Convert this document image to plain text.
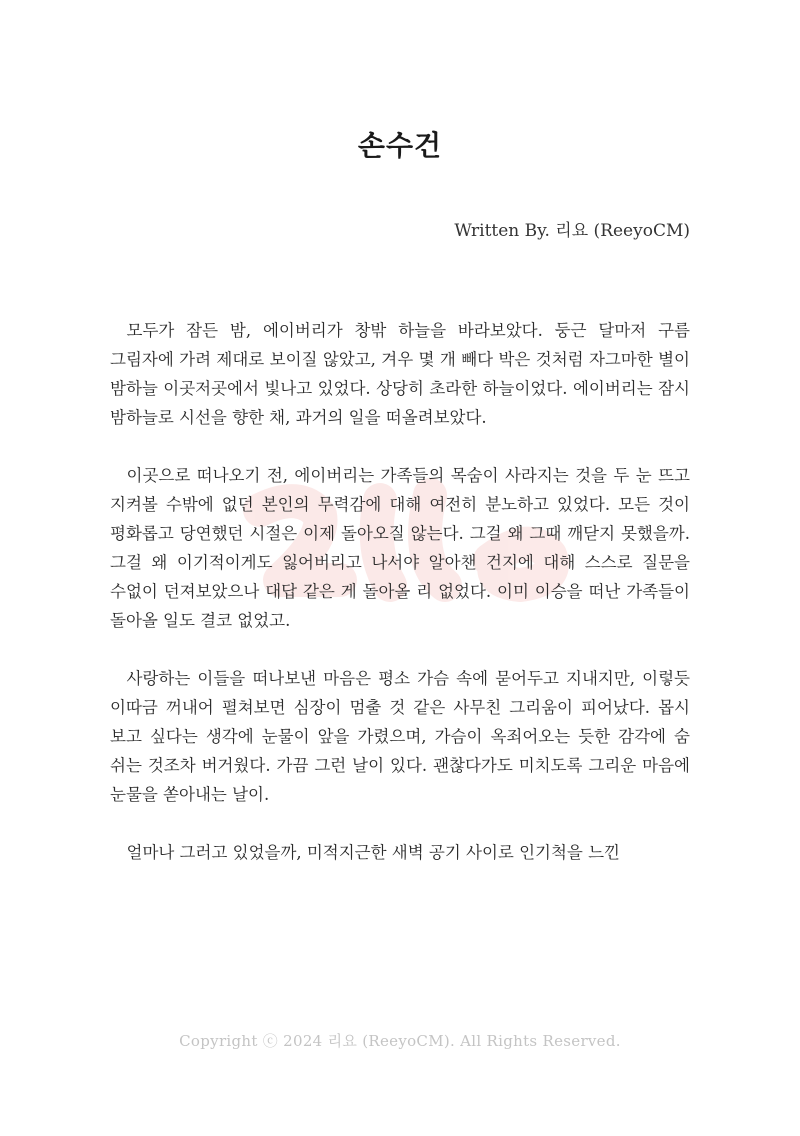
손수건

Written By. 리요 (ReeyoCM)

모두가 잠든 밤, 에이버리가 창밖 하늘을 바라보았다. 둥근 달마저 구름 그림자에 가려 제대로 보이질 않았고, 겨우 몇 개 빼다 박은 것처럼 자그마한 별이 밤하늘 이곳저곳에서 빛나고 있었다. 상당히 초라한 하늘이었다. 에이버리는 잠시 밤하늘로 시선을 향한 채, 과거의 일을 떠올려보았다.

이곳으로 떠나오기 전, 에이버리는 가족들의 목숨이 사라지는 것을 두 눈 뜨고 지켜볼 수밖에 없던 본인의 무력감에 대해 여전히 분노하고 있었다. 모든 것이 평화롭고 당연했던 시절은 이제 돌아오질 않는다. 그걸 왜 그때 깨닫지 못했을까. 그걸 왜 이기적이게도 잃어버리고 나서야 알아챈 건지에 대해 스스로 질문을 수없이 던져보았으나 대답 같은 게 돌아올 리 없었다. 이미 이승을 떠난 가족들이 돌아올 일도 결코 없었고.

사랑하는 이들을 떠나보낸 마음은 평소 가슴 속에 묻어두고 지내지만, 이렇듯 이따금 꺼내어 펼쳐보면 심장이 멈출 것 같은 사무친 그리움이 피어났다. 몹시 보고 싶다는 생각에 눈물이 앞을 가렸으며, 가슴이 옥죄어오는 듯한 감각에 숨 쉬는 것조차 버거웠다. 가끔 그런 날이 있다. 괜찮다가도 미치도록 그리운 마음에 눈물을 쏟아내는 날이.

얼마나 그러고 있었을까, 미적지근한 새벽 공기 사이로 인기척을 느낀

Copyright ⓒ 2024 리요 (ReeyoCM). All Rights Reserved.
